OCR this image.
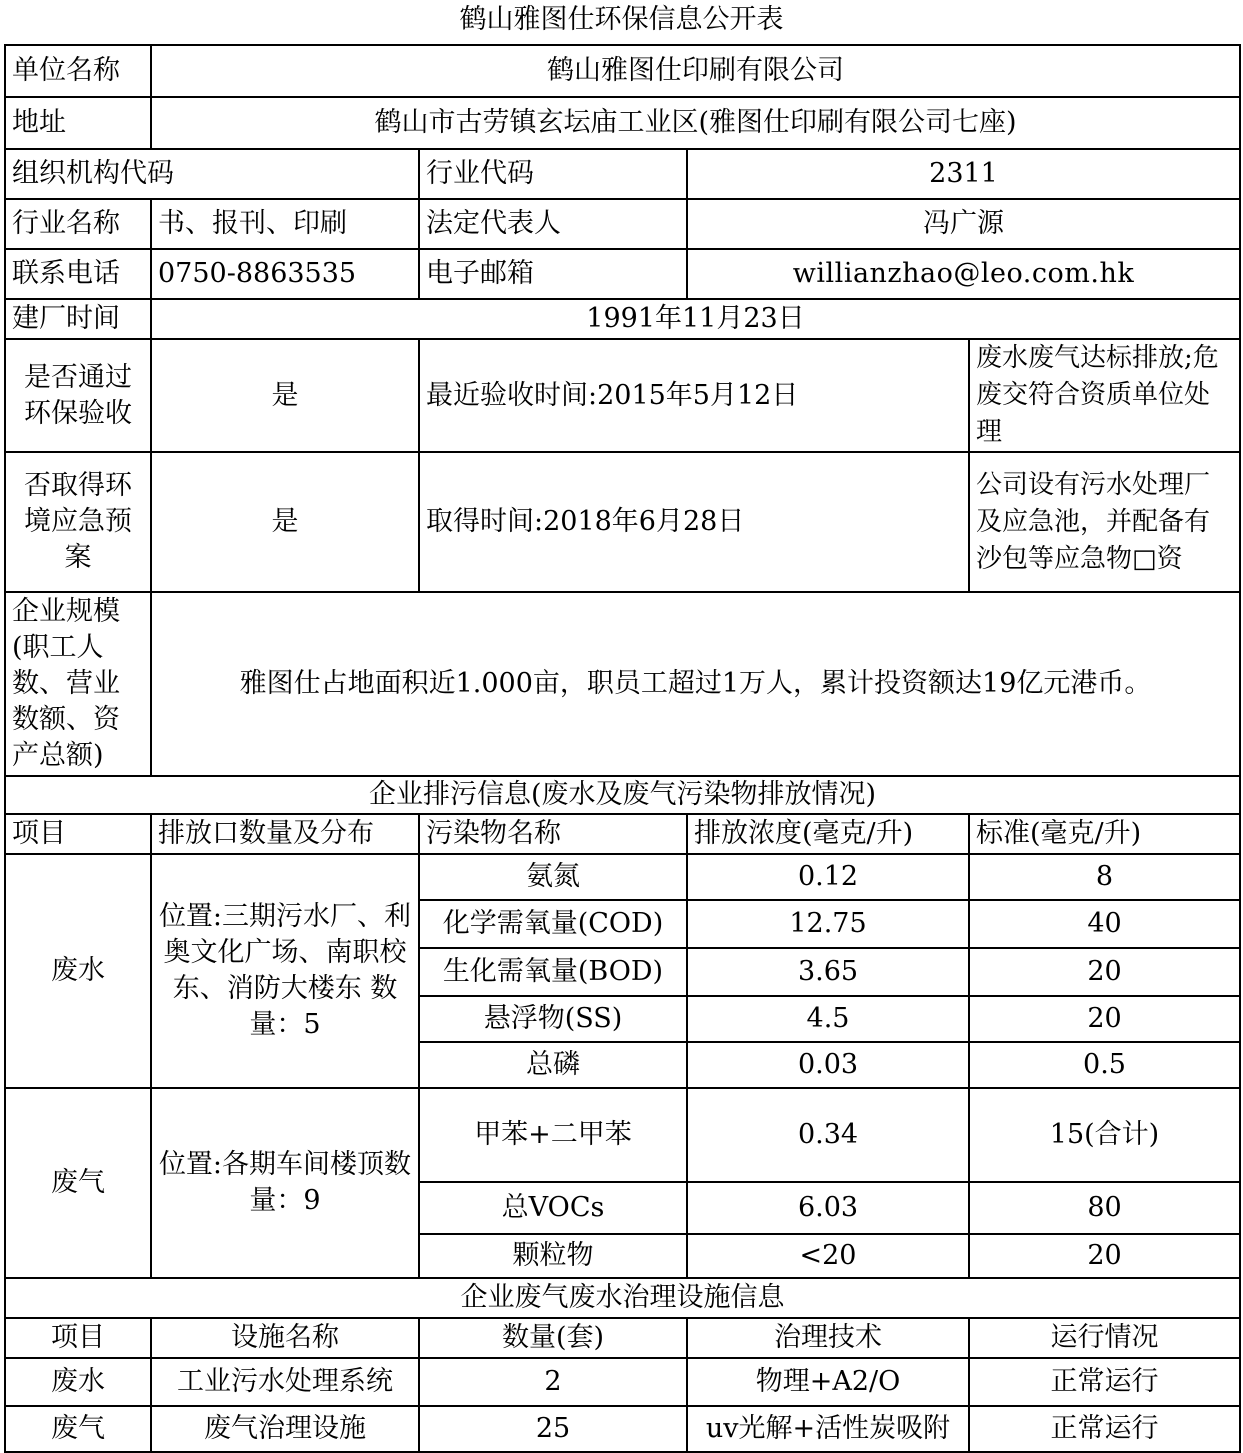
鹤山雅图仕环保信息公开表
单位名称	鹤山雅图仕印刷有限公司			
地址	鹤山市古劳镇玄坛庙工业区(雅图仕印刷有限公司七座)			
组织机构代码		行业代码	2311	
行业名称	书、报刊、印刷	法定代表人	冯广源	
联系电话	0750-8863535	电子邮箱	willianzhao@leo.com.hk	
建厂时间	1991年11月23日			
是否通过环保验收	是	最近验收时间:2015年5月12日		废水废气达标排放;危废交符合资质单位处理
否取得环境应急预案	是	取得时间:2018年6月28日		公司设有污水处理厂及应急池，并配备有沙包等应急物□资
企业规模(职工人数、营业数额、资产总额)	雅图仕占地面积近1.000亩，职员工超过1万人，累计投资额达19亿元港币。			
企业排污信息(废水及废气污染物排放情况)				
项目	排放口数量及分布	污染物名称	排放浓度(毫克/升)	标准(毫克/升)
废水	位置:三期污水厂、利奥文化广场、南职校东、消防大楼东 数量：5	氨氮	0.12	8
		化学需氧量(COD)	12.75	40
		生化需氧量(BOD)	3.65	20
		悬浮物(SS)	4.5	20
		总磷	0.03	0.5
废气	位置:各期车间楼顶数量：9	甲苯+二甲苯	0.34	15(合计)
		总VOCs	6.03	80
		颗粒物	<20	20
企业废气废水治理设施信息				
项目	设施名称	数量(套)	治理技术	运行情况
废水	工业污水处理系统	2	物理+A2/O	正常运行
废气	废气治理设施	25	uv光解+活性炭吸附	正常运行
